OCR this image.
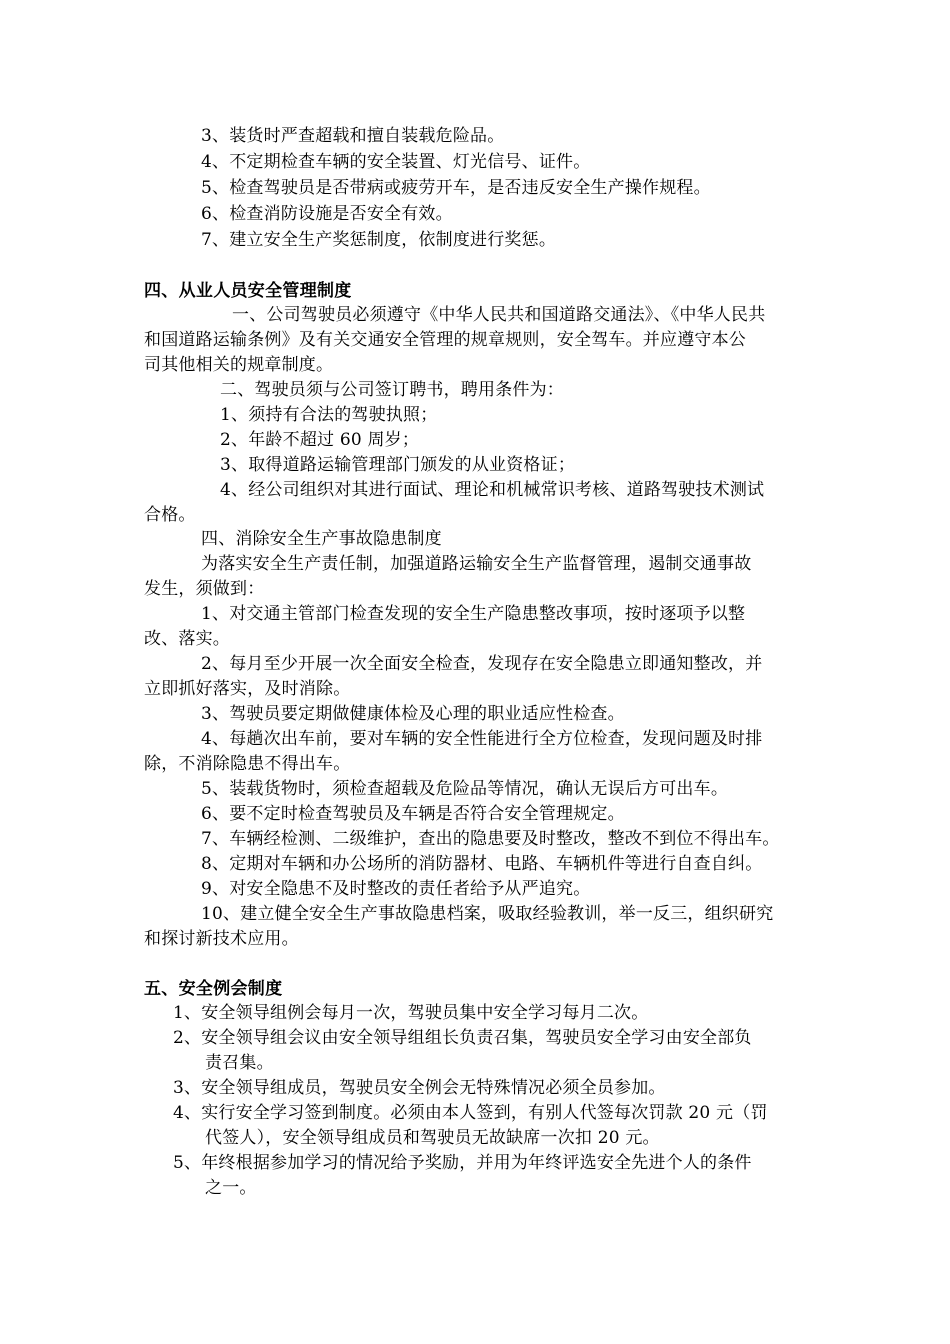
3、装货时严查超载和擅自装载危险品。
4、不定期检查车辆的安全装置、灯光信号、证件。
5、检查驾驶员是否带病或疲劳开车，是否违反安全生产操作规程。
6、检查消防设施是否安全有效。
7、建立安全生产奖惩制度，依制度进行奖惩。
四、从业人员安全管理制度
一、公司驾驶员必须遵守《中华人民共和国道路交通法》、《中华人民共
和国道路运输条例》及有关交通安全管理的规章规则，安全驾车。并应遵守本公
司其他相关的规章制度。
二、驾驶员须与公司签订聘书，聘用条件为：
1、须持有合法的驾驶执照；
2、年龄不超过 60 周岁；
3、取得道路运输管理部门颁发的从业资格证；
4、经公司组织对其进行面试、理论和机械常识考核、道路驾驶技术测试
合格。
四、消除安全生产事故隐患制度
为落实安全生产责任制，加强道路运输安全生产监督管理，遏制交通事故
发生，须做到：
1、对交通主管部门检查发现的安全生产隐患整改事项，按时逐项予以整
改、落实。
2、每月至少开展一次全面安全检查，发现存在安全隐患立即通知整改，并
立即抓好落实，及时消除。
3、驾驶员要定期做健康体检及心理的职业适应性检查。
4、每趟次出车前，要对车辆的安全性能进行全方位检查，发现问题及时排
除，不消除隐患不得出车。
5、装载货物时，须检查超载及危险品等情况，确认无误后方可出车。
6、要不定时检查驾驶员及车辆是否符合安全管理规定。
7、车辆经检测、二级维护，查出的隐患要及时整改，整改不到位不得出车。
8、定期对车辆和办公场所的消防器材、电路、车辆机件等进行自查自纠。
9、对安全隐患不及时整改的责任者给予从严追究。
10、建立健全安全生产事故隐患档案，吸取经验教训，举一反三，组织研究
和探讨新技术应用。
五、安全例会制度
1、安全领导组例会每月一次，驾驶员集中安全学习每月二次。
2、安全领导组会议由安全领导组组长负责召集，驾驶员安全学习由安全部负
责召集。
3、安全领导组成员，驾驶员安全例会无特殊情况必须全员参加。
4、实行安全学习签到制度。必须由本人签到，有别人代签每次罚款 20 元（罚
代签人），安全领导组成员和驾驶员无故缺席一次扣 20 元。
5、年终根据参加学习的情况给予奖励，并用为年终评选安全先进个人的条件
之一。
